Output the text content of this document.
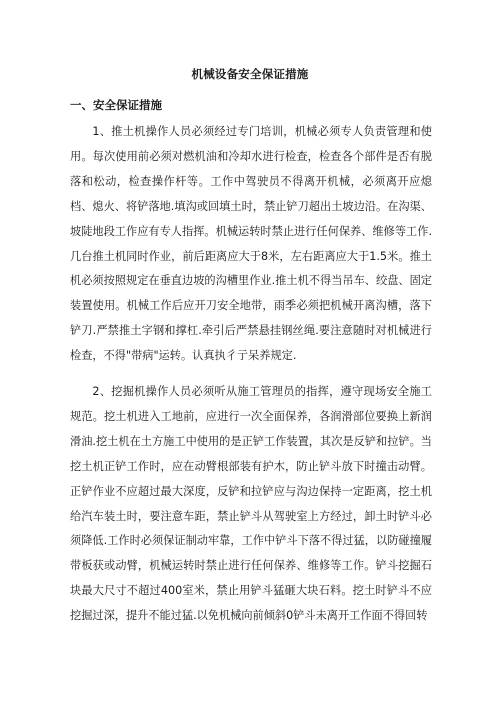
机械设备安全保证措施
一、安全保证措施

1、推土机操作人员必须经过专门培训，机械必须专人负责管理和使用。每次使用前必须对燃机油和冷却水进行检查，检查各个部件是否有脱落和松动，检查操作杆等。工作中驾驶员不得离开机械，必须离开应熄档、熄火、将铲落地.填沟或回填土时，禁止铲刀超出土坡边沿。在沟渠、坡陡地段工作应有专人指挥。机械运转时禁止进行任何保养、维修等工作.几台推土机同时作业，前后距离应大于8米，左右距离应大于1.5米。推土机必须按照规定在垂直边坡的沟槽里作业.推土机不得当吊车、绞盘、固定装置使用。机械工作后应开刀安全地带，雨季必须把机械开离沟槽，落下铲刀.严禁推土字钢和撑杠.牵引后严禁悬挂钢丝绳.要注意随时对机械进行检查，不得"带病"运转。认真执彳亍呆养规定.

2、挖掘机操作人员必须听从施工管理员的指挥，遵守现场安全施工规范。挖土机进入工地前，应进行一次全面保养，各润滑部位要换上新润滑油.挖土机在土方施工中使用的是正铲工作装置，其次是反铲和拉铲。当挖土机正铲工作时，应在动臂根部装有护木，防止铲斗放下时撞击动臂。正铲作业不应超过最大深度，反铲和拉铲应与沟边保持一定距离，挖土机给汽车装土时，要注意车距，禁止铲斗从驾驶室上方经过，卸土时铲斗必须降低.工作时必须保证制动牢靠，工作中铲斗下落不得过猛，以防碰撞履带板获或动臂，机械运转时禁止进行任何保养、维修等工作。铲斗挖掘石块最大尺寸不超过400室米，禁止用铲斗猛砸大块石料。挖土时铲斗不应挖掘过深，提升不能过猛.以免机械向前倾斜0铲斗未离开工作面不得回转
